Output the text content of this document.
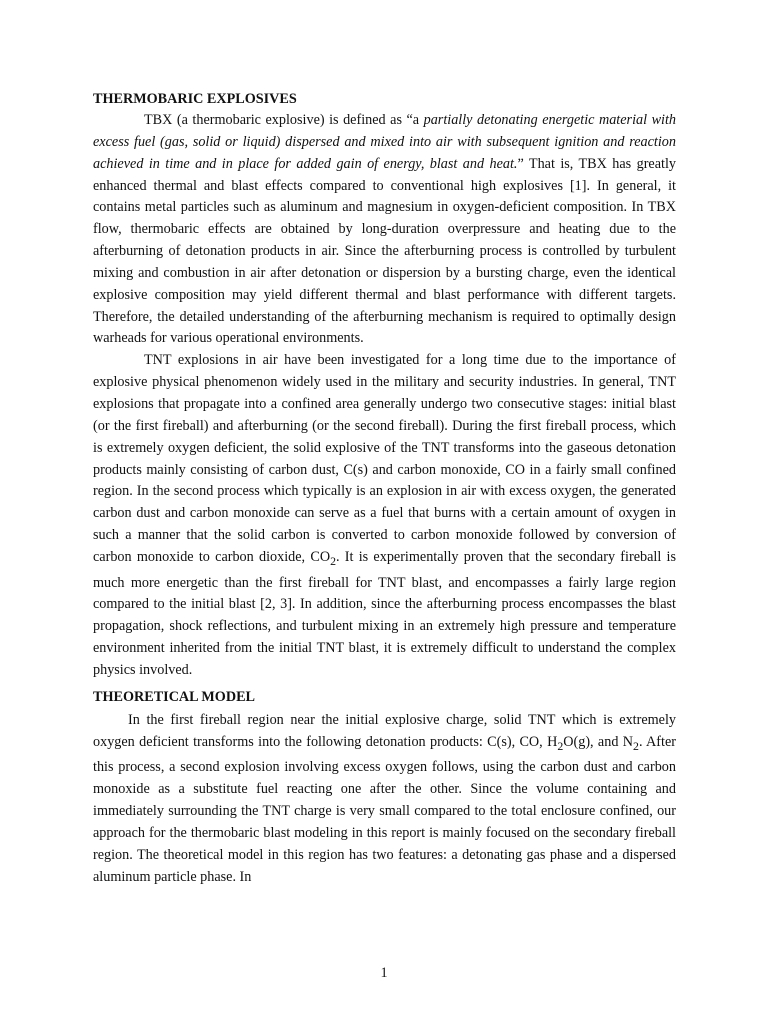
THERMOBARIC EXPLOSIVES

TBX (a thermobaric explosive) is defined as “a partially detonating energetic material with excess fuel (gas, solid or liquid) dispersed and mixed into air with subsequent ignition and reaction achieved in time and in place for added gain of energy, blast and heat.” That is, TBX has greatly enhanced thermal and blast effects compared to conventional high explosives [1]. In general, it contains metal particles such as aluminum and magnesium in oxygen-deficient composition. In TBX flow, thermobaric effects are obtained by long-duration overpressure and heating due to the afterburning of detonation products in air. Since the afterburning process is controlled by turbulent mixing and combustion in air after detonation or dispersion by a bursting charge, even the identical explosive composition may yield different thermal and blast performance with different targets. Therefore, the detailed understanding of the afterburning mechanism is required to optimally design warheads for various operational environments.

TNT explosions in air have been investigated for a long time due to the importance of explosive physical phenomenon widely used in the military and security industries. In general, TNT explosions that propagate into a confined area generally undergo two consecutive stages: initial blast (or the first fireball) and afterburning (or the second fireball). During the first fireball process, which is extremely oxygen deficient, the solid explosive of the TNT transforms into the gaseous detonation products mainly consisting of carbon dust, C(s) and carbon monoxide, CO in a fairly small confined region. In the second process which typically is an explosion in air with excess oxygen, the generated carbon dust and carbon monoxide can serve as a fuel that burns with a certain amount of oxygen in such a manner that the solid carbon is converted to carbon monoxide followed by conversion of carbon monoxide to carbon dioxide, $CO_2$. It is experimentally proven that the secondary fireball is much more energetic than the first fireball for TNT blast, and encompasses a fairly large region compared to the initial blast [2, 3]. In addition, since the afterburning process encompasses the blast propagation, shock reflections, and turbulent mixing in an extremely high pressure and temperature environment inherited from the initial TNT blast, it is extremely difficult to understand the complex physics involved.

THEORETICAL MODEL

In the first fireball region near the initial explosive charge, solid TNT which is extremely oxygen deficient transforms into the following detonation products: C(s), CO, $H_2O(g)$, and $N_2$. After this process, a second explosion involving excess oxygen follows, using the carbon dust and carbon monoxide as a substitute fuel reacting one after the other. Since the volume containing and immediately surrounding the TNT charge is very small compared to the total enclosure confined, our approach for the thermobaric blast modeling in this report is mainly focused on the secondary fireball region. The theoretical model in this region has two features: a detonating gas phase and a dispersed aluminum particle phase. In

1
